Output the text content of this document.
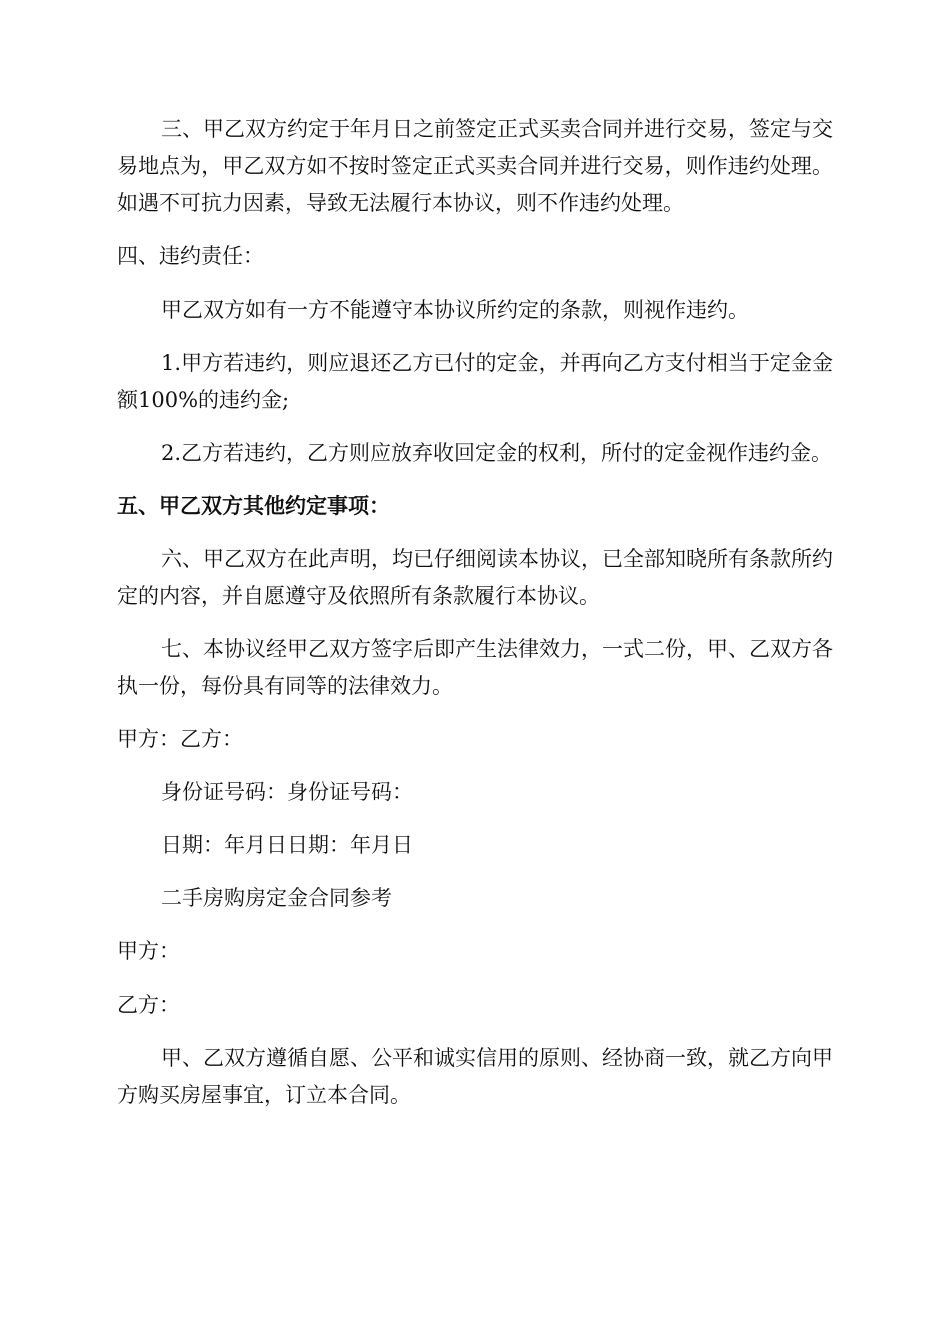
三、甲乙双方约定于年月日之前签定正式买卖合同并进行交易，签定与交易地点为，甲乙双方如不按时签定正式买卖合同并进行交易，则作违约处理。如遇不可抗力因素，导致无法履行本协议，则不作违约处理。

四、违约责任：

甲乙双方如有一方不能遵守本协议所约定的条款，则视作违约。

1.甲方若违约，则应退还乙方已付的定金，并再向乙方支付相当于定金金额100%的违约金;

2.乙方若违约，乙方则应放弃收回定金的权利，所付的定金视作违约金。

五、甲乙双方其他约定事项：

六、甲乙双方在此声明，均已仔细阅读本协议，已全部知晓所有条款所约定的内容，并自愿遵守及依照所有条款履行本协议。

七、本协议经甲乙双方签字后即产生法律效力，一式二份，甲、乙双方各执一份，每份具有同等的法律效力。

甲方：乙方：

身份证号码：身份证号码：

日期：年月日日期：年月日

二手房购房定金合同参考

甲方：

乙方：

甲、乙双方遵循自愿、公平和诚实信用的原则、经协商一致，就乙方向甲方购买房屋事宜，订立本合同。
